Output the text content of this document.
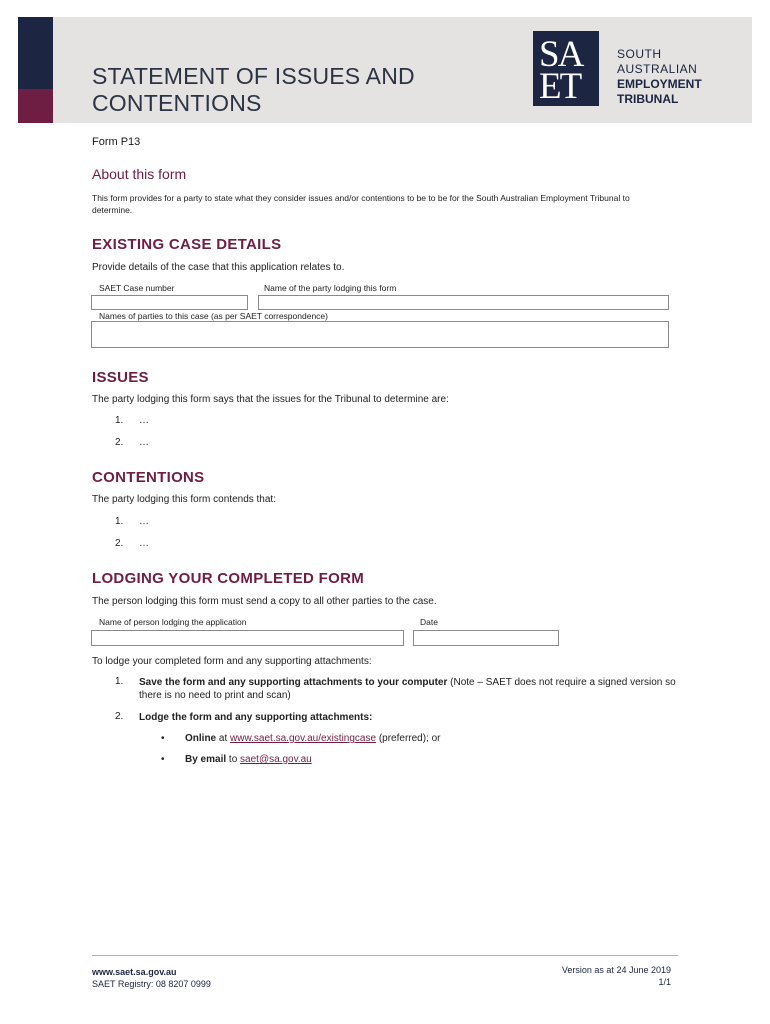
STATEMENT OF ISSUES AND
CONTENTIONS
SA
ET
SOUTH
AUSTRALIAN
EMPLOYMENT
TRIBUNAL
Form P13
About this form
This form provides for a party to state what they consider issues and/or contentions to be to be for the South Australian Employment Tribunal to determine.
EXISTING CASE DETAILS
Provide details of the case that this application relates to.
SAET Case number	Name of the party lodging this form
Names of parties to this case (as per SAET correspondence)
ISSUES
The party lodging this form says that the issues for the Tribunal to determine are:
1. …
2. …
CONTENTIONS
The party lodging this form contends that:
1. …
2. …
LODGING YOUR COMPLETED FORM
The person lodging this form must send a copy to all other parties to the case.
Name of person lodging the application	Date
To lodge your completed form and any supporting attachments:
1. Save the form and any supporting attachments to your computer (Note – SAET does not require a signed version so there is no need to print and scan)
2. Lodge the form and any supporting attachments:
• Online at www.saet.sa.gov.au/existingcase (preferred); or
• By email to saet@sa.gov.au
www.saet.sa.gov.au
SAET Registry: 08 8207 0999
Version as at 24 June 2019
1/1
